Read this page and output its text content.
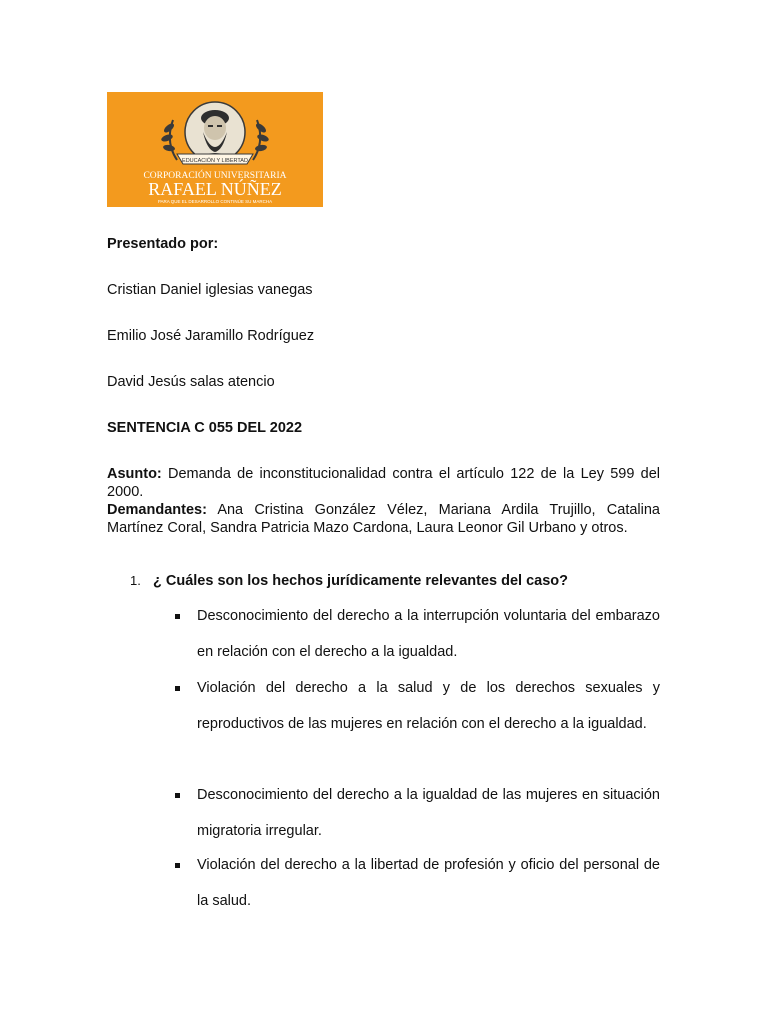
EDUCACIÓN Y LIBERTAD
CORPORACIÓN UNIVERSITARIA
RAFAEL NÚÑEZ
PARA QUE EL DESARROLLO CONTINÚE SU MARCHA
Presentado por:
Cristian Daniel iglesias vanegas
Emilio José Jaramillo Rodríguez
David Jesús salas atencio
SENTENCIA C 055 DEL 2022
Asunto: Demanda de inconstitucionalidad contra el artículo 122 de la Ley 599 del 2000.
Demandantes: Ana Cristina González Vélez, Mariana Ardila Trujillo, Catalina Martínez Coral, Sandra Patricia Mazo Cardona, Laura Leonor Gil Urbano y otros.
1. ¿ Cuáles son los hechos jurídicamente relevantes del caso?
Desconocimiento del derecho a la interrupción voluntaria del embarazo en relación con el derecho a la igualdad.
Violación del derecho a la salud y de los derechos sexuales y reproductivos de las mujeres en relación con el derecho a la igualdad.
Desconocimiento del derecho a la igualdad de las mujeres en situación migratoria irregular.
Violación del derecho a la libertad de profesión y oficio del personal de la salud.
